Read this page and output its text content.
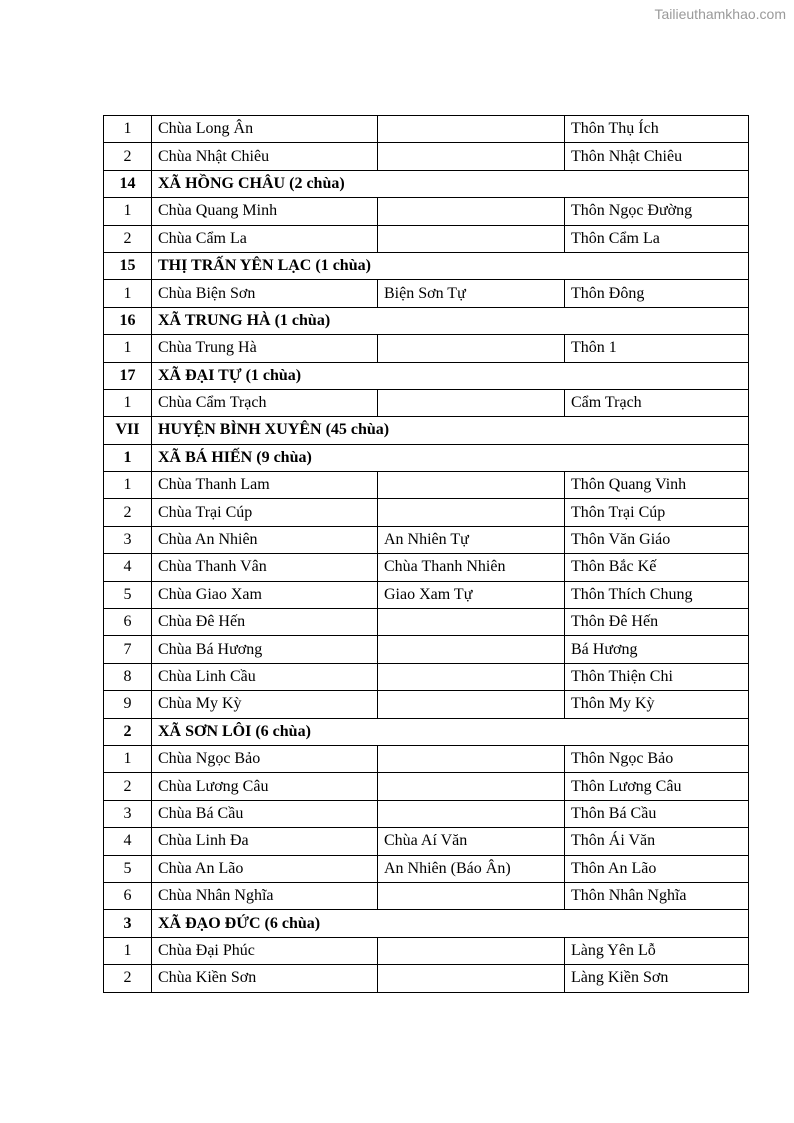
Tailieuthamkhao.com
1	Chùa Long Ân		Thôn Thụ Ích
2	Chùa Nhật Chiêu		Thôn Nhật Chiêu
14	XÃ HỒNG CHÂU (2 chùa)		
1	Chùa Quang Minh		Thôn Ngọc Đường
2	Chùa Cẩm La		Thôn Cẩm La
15	THỊ TRẤN YÊN LẠC (1 chùa)		
1	Chùa Biện Sơn	Biện Sơn Tự	Thôn Đông
16	XÃ TRUNG HÀ (1 chùa)		
1	Chùa Trung Hà		Thôn 1
17	XÃ ĐẠI TỰ (1 chùa)		
1	Chùa Cẩm Trạch		Cẩm Trạch
VII	HUYỆN BÌNH XUYÊN (45 chùa)		
1	XÃ BÁ HIẾN (9 chùa)		
1	Chùa Thanh Lam		Thôn Quang Vinh
2	Chùa Trại Cúp		Thôn Trại Cúp
3	Chùa An Nhiên	An Nhiên Tự	Thôn Văn Giáo
4	Chùa Thanh Vân	Chùa Thanh Nhiên	Thôn Bắc Kế
5	Chùa Giao Xam	Giao Xam Tự	Thôn Thích Chung
6	Chùa Đê Hến		Thôn Đê Hến
7	Chùa Bá Hương		Bá Hương
8	Chùa Linh Cầu		Thôn Thiện Chi
9	Chùa My Kỳ		Thôn My Kỳ
2	XÃ SƠN LÔI (6 chùa)		
1	Chùa Ngọc Bảo		Thôn Ngọc Bảo
2	Chùa Lương Câu		Thôn Lương Câu
3	Chùa Bá Cầu		Thôn Bá Cầu
4	Chùa Linh Đa	Chùa Aí Văn	Thôn Ái Văn
5	Chùa An Lão	An Nhiên (Báo Ân)	Thôn An Lão
6	Chùa Nhân Nghĩa		Thôn Nhân Nghĩa
3	XÃ ĐẠO ĐỨC (6 chùa)		
1	Chùa Đại Phúc		Làng Yên Lỗ
2	Chùa Kiền Sơn		Làng Kiền Sơn
